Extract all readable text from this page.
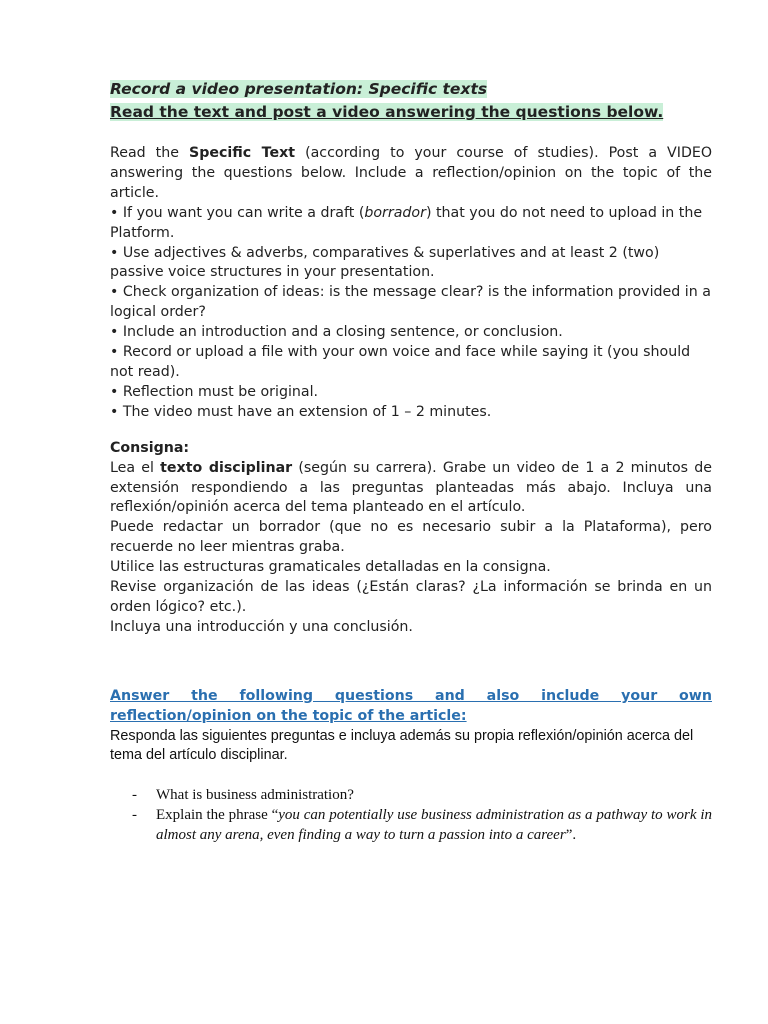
Record a video presentation: Specific texts

Read the text and post a video answering the questions below.

Read the Specific Text (according to your course of studies). Post a VIDEO answering the questions below. Include a reflection/opinion on the topic of the article.

• If you want you can write a draft (borrador) that you do not need to upload in the Platform.

• Use adjectives & adverbs, comparatives & superlatives and at least 2 (two) passive voice structures in your presentation.

• Check organization of ideas: is the message clear? is the information provided in a logical order?

• Include an introduction and a closing sentence, or conclusion.

• Record or upload a file with your own voice and face while saying it (you should not read).

• Reflection must be original.

• The video must have an extension of 1 – 2 minutes.

Consigna:

Lea el texto disciplinar (según su carrera). Grabe un video de 1 a 2 minutos de extensión respondiendo a las preguntas planteadas más abajo. Incluya una reflexión/opinión acerca del tema planteado en el artículo.

Puede redactar un borrador (que no es necesario subir a la Plataforma), pero recuerde no leer mientras graba.

Utilice las estructuras gramaticales detalladas en la consigna.

Revise organización de las ideas (¿Están claras? ¿La información se brinda en un orden lógico? etc.).

Incluya una introducción y una conclusión.

Answer the following questions and also include your own reflection/opinion on the topic of the article:

Responda las siguientes preguntas e incluya además su propia reflexión/opinión acerca del tema del artículo disciplinar.

- What is business administration?
- Explain the phrase “you can potentially use business administration as a pathway to work in almost any arena, even finding a way to turn a passion into a career”.
